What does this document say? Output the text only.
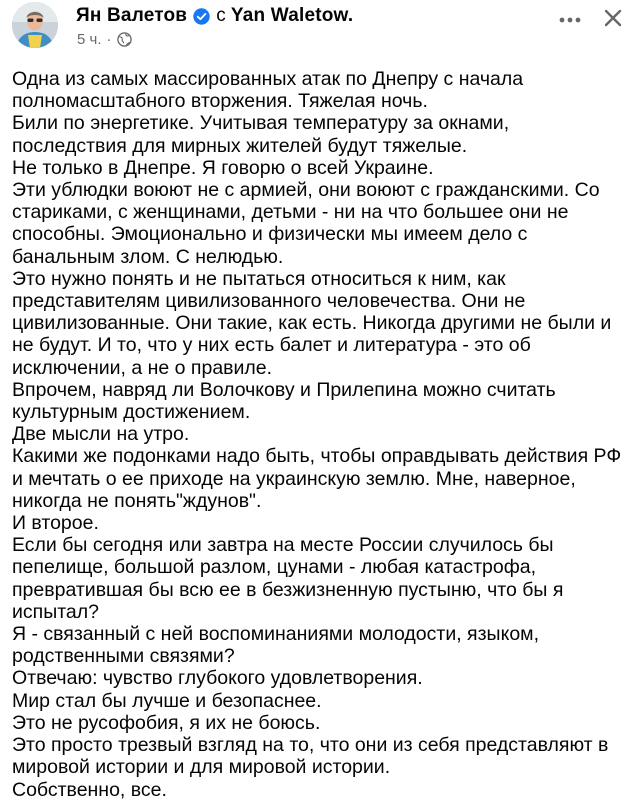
Ян Валетов с Yan Waletow.
5 ч. ·
Одна из самых массированных атак по Днепру с начала
полномасштабного вторжения. Тяжелая ночь.
Били по энергетике. Учитывая температуру за окнами,
последствия для мирных жителей будут тяжелые.
Не только в Днепре. Я говорю о всей Украине.
Эти ублюдки воюют не с армией, они воюют с гражданскими. Со
стариками, с женщинами, детьми - ни на что большее они не
способны. Эмоционально и физически мы имеем дело с
банальным злом. С нелюдью.
Это нужно понять и не пытаться относиться к ним, как
представителям цивилизованного человечества. Они не
цивилизованные. Они такие, как есть. Никогда другими не были и
не будут. И то, что у них есть балет и литература - это об
исключении, а не о правиле.
Впрочем, навряд ли Волочкову и Прилепина можно считать
культурным достижением.
Две мысли на утро.
Какими же подонками надо быть, чтобы оправдывать действия РФ
и мечтать о ее приходе на украинскую землю. Мне, наверное,
никогда не понять"ждунов".
И второе.
Если бы сегодня или завтра на месте России случилось бы
пепелище, большой разлом, цунами - любая катастрофа,
превратившая бы всю ее в безжизненную пустыню, что бы я
испытал?
Я - связанный с ней воспоминаниями молодости, языком,
родственными связями?
Отвечаю: чувство глубокого удовлетворения.
Мир стал бы лучше и безопаснее.
Это не русофобия, я их не боюсь.
Это просто трезвый взгляд на то, что они из себя представляют в
мировой истории и для мировой истории.
Собственно, все.
